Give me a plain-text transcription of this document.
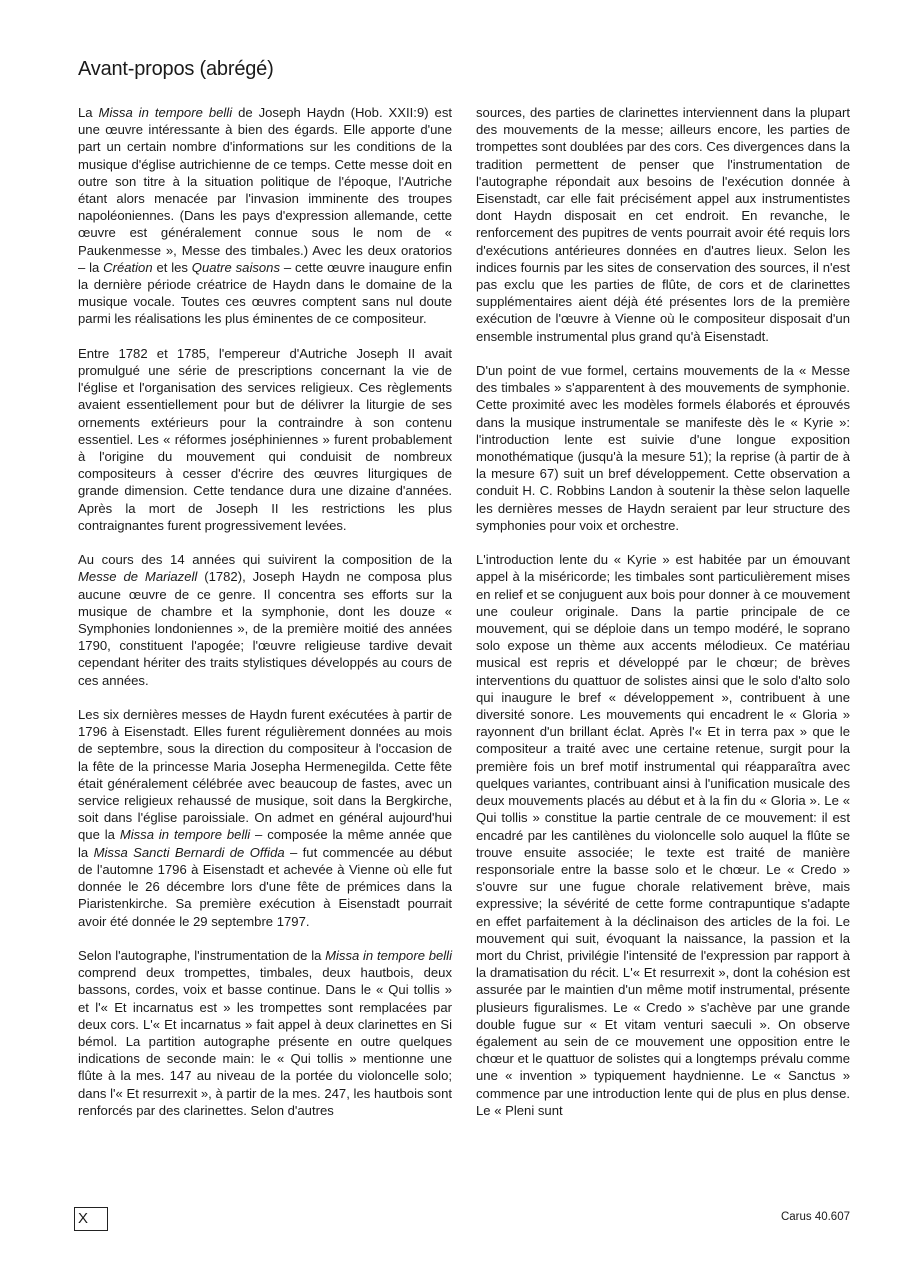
Avant-propos (abrégé)

La Missa in tempore belli de Joseph Haydn (Hob. XXII:9) est une œuvre intéressante à bien des égards. Elle apporte d'une part un certain nombre d'informations sur les conditions de la musique d'église autrichienne de ce temps. Cette messe doit en outre son titre à la situation politique de l'époque, l'Autriche étant alors menacée par l'invasion imminente des troupes napoléoniennes. (Dans les pays d'expression allemande, cette œuvre est généralement connue sous le nom de « Paukenmesse », Messe des timbales.) Avec les deux oratorios – la Création et les Quatre saisons – cette œuvre inaugure enfin la dernière période créatrice de Haydn dans le domaine de la musique vocale. Toutes ces œuvres comptent sans nul doute parmi les réalisations les plus éminentes de ce compositeur.

Entre 1782 et 1785, l'empereur d'Autriche Joseph II avait promulgué une série de prescriptions concernant la vie de l'église et l'organisation des services religieux. Ces règlements avaient essentiellement pour but de délivrer la liturgie de ses ornements extérieurs pour la contraindre à son contenu essentiel. Les « réformes joséphiniennes » furent probablement à l'origine du mouvement qui conduisit de nombreux compositeurs à cesser d'écrire des œuvres liturgiques de grande dimension. Cette tendance dura une dizaine d'années. Après la mort de Joseph II les restrictions les plus contraignantes furent progressivement levées.

Au cours des 14 années qui suivirent la composition de la Messe de Mariazell (1782), Joseph Haydn ne composa plus aucune œuvre de ce genre. Il concentra ses efforts sur la musique de chambre et la symphonie, dont les douze « Symphonies londoniennes », de la première moitié des années 1790, constituent l'apogée; l'œuvre religieuse tardive devait cependant hériter des traits stylistiques développés au cours de ces années.

Les six dernières messes de Haydn furent exécutées à partir de 1796 à Eisenstadt. Elles furent régulièrement données au mois de septembre, sous la direction du compositeur à l'occasion de la fête de la princesse Maria Josepha Hermenegilda. Cette fête était généralement célébrée avec beaucoup de fastes, avec un service religieux rehaussé de musique, soit dans la Bergkirche, soit dans l'église paroissiale. On admet en général aujourd'hui que la Missa in tempore belli – composée la même année que la Missa Sancti Bernardi de Offida – fut commencée au début de l'automne 1796 à Eisenstadt et achevée à Vienne où elle fut donnée le 26 décembre lors d'une fête de prémices dans la Piaristenkirche. Sa première exécution à Eisenstadt pourrait avoir été donnée le 29 septembre 1797.

Selon l'autographe, l'instrumentation de la Missa in tempore belli comprend deux trompettes, timbales, deux hautbois, deux bassons, cordes, voix et basse continue. Dans le « Qui tollis » et l'« Et incarnatus est » les trompettes sont remplacées par deux cors. L'« Et incarnatus » fait appel à deux clarinettes en Si bémol. La partition autographe présente en outre quelques indications de seconde main: le « Qui tollis » mentionne une flûte à la mes. 147 au niveau de la portée du violoncelle solo; dans l'« Et resurrexit », à partir de la mes. 247, les hautbois sont renforcés par des clarinettes. Selon d'autres

sources, des parties de clarinettes interviennent dans la plupart des mouvements de la messe; ailleurs encore, les parties de trompettes sont doublées par des cors. Ces divergences dans la tradition permettent de penser que l'instrumentation de l'autographe répondait aux besoins de l'exécution donnée à Eisenstadt, car elle fait précisément appel aux instrumentistes dont Haydn disposait en cet endroit. En revanche, le renforcement des pupitres de vents pourrait avoir été requis lors d'exécutions antérieures données en d'autres lieux. Selon les indices fournis par les sites de conservation des sources, il n'est pas exclu que les parties de flûte, de cors et de clarinettes supplémentaires aient déjà été présentes lors de la première exécution de l'œuvre à Vienne où le compositeur disposait d'un ensemble instrumental plus grand qu'à Eisenstadt.

D'un point de vue formel, certains mouvements de la « Messe des timbales » s'apparentent à des mouvements de symphonie. Cette proximité avec les modèles formels élaborés et éprouvés dans la musique instrumentale se manifeste dès le « Kyrie »: l'introduction lente est suivie d'une longue exposition monothématique (jusqu'à la mesure 51); la reprise (à partir de à la mesure 67) suit un bref développement. Cette observation a conduit H. C. Robbins Landon à soutenir la thèse selon laquelle les dernières messes de Haydn seraient par leur structure des symphonies pour voix et orchestre.

L'introduction lente du « Kyrie » est habitée par un émouvant appel à la miséricorde; les timbales sont particulièrement mises en relief et se conjuguent aux bois pour donner à ce mouvement une couleur originale. Dans la partie principale de ce mouvement, qui se déploie dans un tempo modéré, le soprano solo expose un thème aux accents mélodieux. Ce matériau musical est repris et développé par le chœur; de brèves interventions du quattuor de solistes ainsi que le solo d'alto solo qui inaugure le bref « développement », contribuent à une diversité sonore. Les mouvements qui encadrent le « Gloria » rayonnent d'un brillant éclat. Après l'« Et in terra pax » que le compositeur a traité avec une certaine retenue, surgit pour la première fois un bref motif instrumental qui réapparaîtra avec quelques variantes, contribuant ainsi à l'unification musicale des deux mouvements placés au début et à la fin du « Gloria ». Le « Qui tollis » constitue la partie centrale de ce mouvement: il est encadré par les cantilènes du violoncelle solo auquel la flûte se trouve ensuite associée; le texte est traité de manière responsoriale entre la basse solo et le chœur. Le « Credo » s'ouvre sur une fugue chorale relativement brève, mais expressive; la sévérité de cette forme contrapuntique s'adapte en effet parfaitement à la déclinaison des articles de la foi. Le mouvement qui suit, évoquant la naissance, la passion et la mort du Christ, privilégie l'intensité de l'expression par rapport à la dramatisation du récit. L'« Et resurrexit », dont la cohésion est assurée par le maintien d'un même motif instrumental, présente plusieurs figuralismes. Le « Credo » s'achève par une grande double fugue sur « Et vitam venturi saeculi ». On observe également au sein de ce mouvement une opposition entre le chœur et le quattuor de solistes qui a longtemps prévalu comme une « invention » typiquement haydnienne. Le « Sanctus » commence par une introduction lente qui de plus en plus dense. Le « Pleni sunt

X	Carus 40.607
